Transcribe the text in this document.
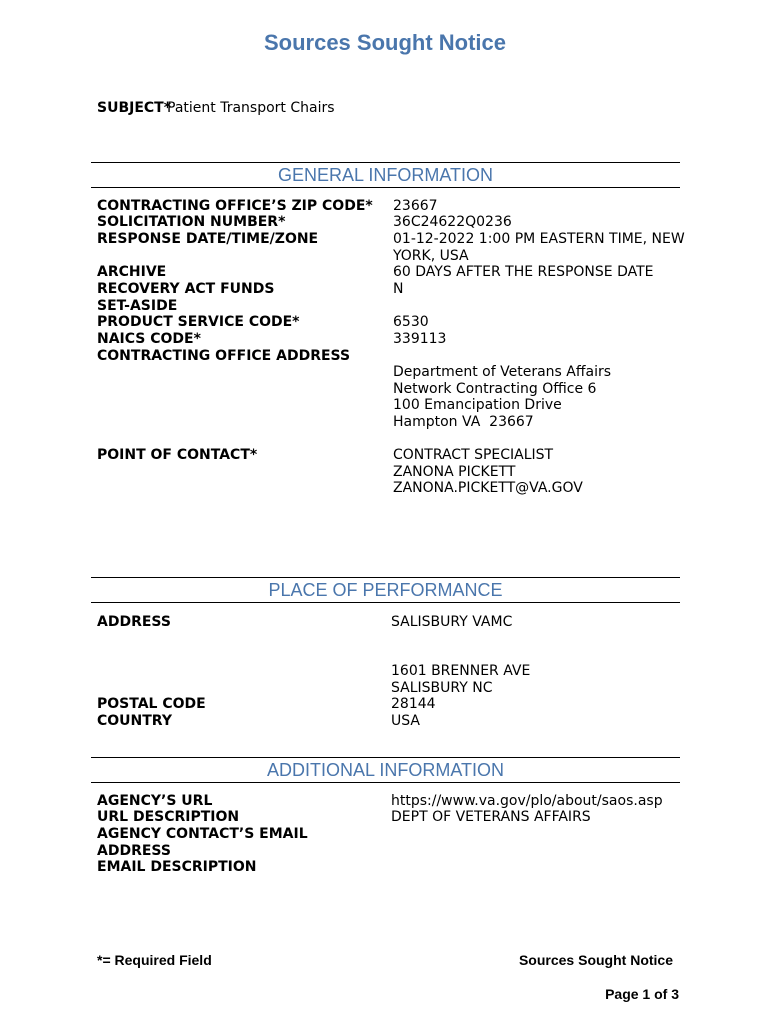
Sources Sought Notice
SUBJECT*
Patient Transport Chairs
GENERAL INFORMATION
CONTRACTING OFFICE’S ZIP CODE* 23667
SOLICITATION NUMBER*	36C24622Q0236
RESPONSE DATE/TIME/ZONE	01-12-2022 1:00 PM EASTERN TIME, NEW YORK, USA
ARCHIVE	60 DAYS AFTER THE RESPONSE DATE
RECOVERY ACT FUNDS	N
SET-ASIDE
PRODUCT SERVICE CODE*	6530
NAICS CODE*	339113
CONTRACTING OFFICE ADDRESS
Department of Veterans Affairs
Network Contracting Office 6
100 Emancipation Drive
Hampton VA  23667
POINT OF CONTACT*	CONTRACT SPECIALIST
ZANONA PICKETT
ZANONA.PICKETT@VA.GOV
PLACE OF PERFORMANCE
ADDRESS	SALISBURY VAMC
1601 BRENNER AVE
SALISBURY NC
POSTAL CODE	28144
COUNTRY	USA
ADDITIONAL INFORMATION
AGENCY’S URL	https://www.va.gov/plo/about/saos.asp
URL DESCRIPTION	DEPT OF VETERANS AFFAIRS
AGENCY CONTACT’S EMAIL ADDRESS
EMAIL DESCRIPTION
*= Required Field	Sources Sought Notice
Page 1 of 3
